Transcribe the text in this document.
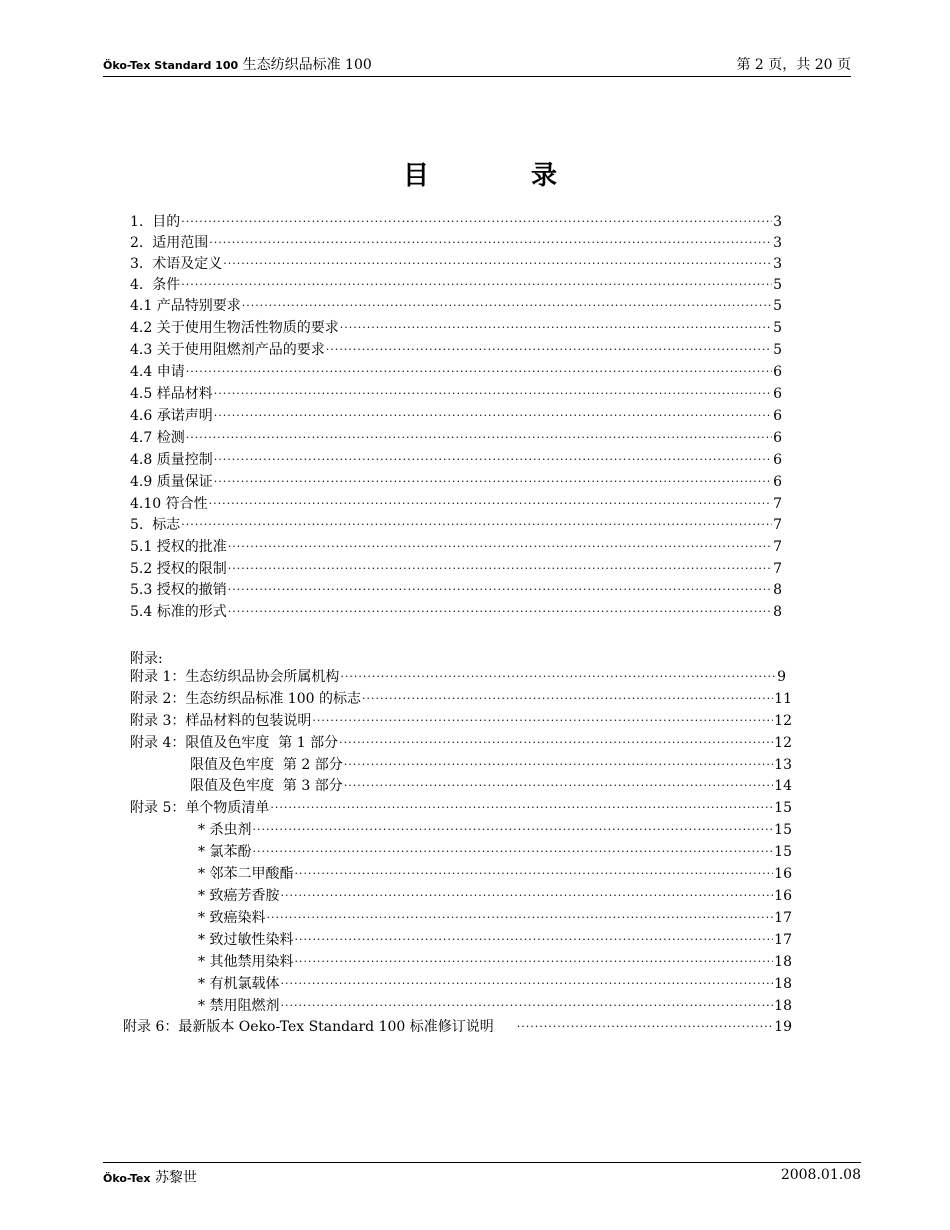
Öko-Tex Standard 100 生态纺织品标准 100	第 2 页，共 20 页
目录
1.  目的 ·····	3
2.  适用范围 ·····	3
3.  术语及定义 ·····	3
4.  条件 ·····	5
4.1 产品特别要求 ·····	5
4.2 关于使用生物活性物质的要求 ·····	5
4.3 关于使用阻燃剂产品的要求 ·····	5
4.4 申请 ·····	6
4.5 样品材料 ·····	6
4.6 承诺声明 ·····	6
4.7 检测 ·····	6
4.8 质量控制 ·····	6
4.9 质量保证 ·····	6
4.10 符合性 ·····	7
5.  标志 ·····	7
5.1 授权的批准 ·····	7
5.2 授权的限制 ·····	7
5.3 授权的撤销 ·····	8
5.4 标准的形式 ·····	8
附录:
附录 1：生态纺织品协会所属机构 ·····	9
附录 2：生态纺织品标准 100 的标志 ·····	11
附录 3：样品材料的包装说明 ·····	12
附录 4：限值及色牢度  第 1 部分 ·····	12
限值及色牢度  第 2 部分 ·····	13
限值及色牢度  第 3 部分 ·····	14
附录 5：单个物质清单 ·····	15
* 杀虫剂 ·····	15
* 氯苯酚 ·····	15
* 邻苯二甲酸酯 ·····	16
* 致癌芳香胺 ·····	16
* 致癌染料 ·····	17
* 致过敏性染料 ·····	17
* 其他禁用染料 ·····	18
* 有机氯载体 ·····	18
* 禁用阻燃剂 ·····	18
附录 6：最新版本 Oeko-Tex Standard 100 标准修订说明 ·····	19
Öko-Tex 苏黎世	2008.01.08
